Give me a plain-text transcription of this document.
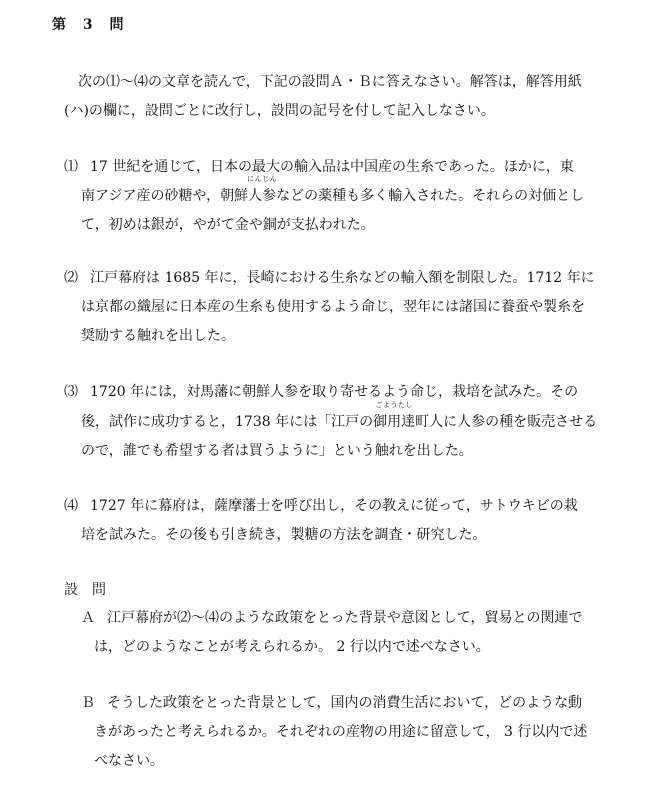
第 3 問
次の⑴～⑷の文章を読んで，下記の設問Ａ・Ｂに答えなさい。解答は，解答用紙
(ハ)の欄に，設問ごとに改行し，設問の記号を付して記入しなさい。
⑴ 17 世紀を通じて，日本の最大の輸入品は中国産の生糸であった。ほかに，東
南アジア産の砂糖や，朝鮮人参
にんじん
などの薬種も多く輸入された。それらの対価とし
て，初めは銀が，やがて金や銅が支払われた。
⑵ 江戸幕府は 1685 年に，長崎における生糸などの輸入額を制限した。1712 年に
は京都の織屋に日本産の生糸も使用するよう命じ，翌年には諸国に養蚕や製糸を
奨励する触れを出した。
⑶ 1720 年には，対馬藩に朝鮮人参を取り寄せるよう命じ，栽培を試みた。その
後，試作に成功すると，1738 年には「江戸の御用達
ごようたし
町人に人参の種を販売させる
ので，誰でも希望する者は買うように」という触れを出した。
⑷ 1727 年に幕府は，薩摩藩士を呼び出し，その教えに従って，サトウキビの栽
培を試みた。その後も引き続き，製糖の方法を調査・研究した。
設　問
Ａ 江戸幕府が⑵～⑷のような政策をとった背景や意図として，貿易との関連で
は，どのようなことが考えられるか。 2 行以内で述べなさい。
Ｂ そうした政策をとった背景として，国内の消費生活において，どのような動
きがあったと考えられるか。それぞれの産物の用途に留意して， 3 行以内で述
べなさい。
